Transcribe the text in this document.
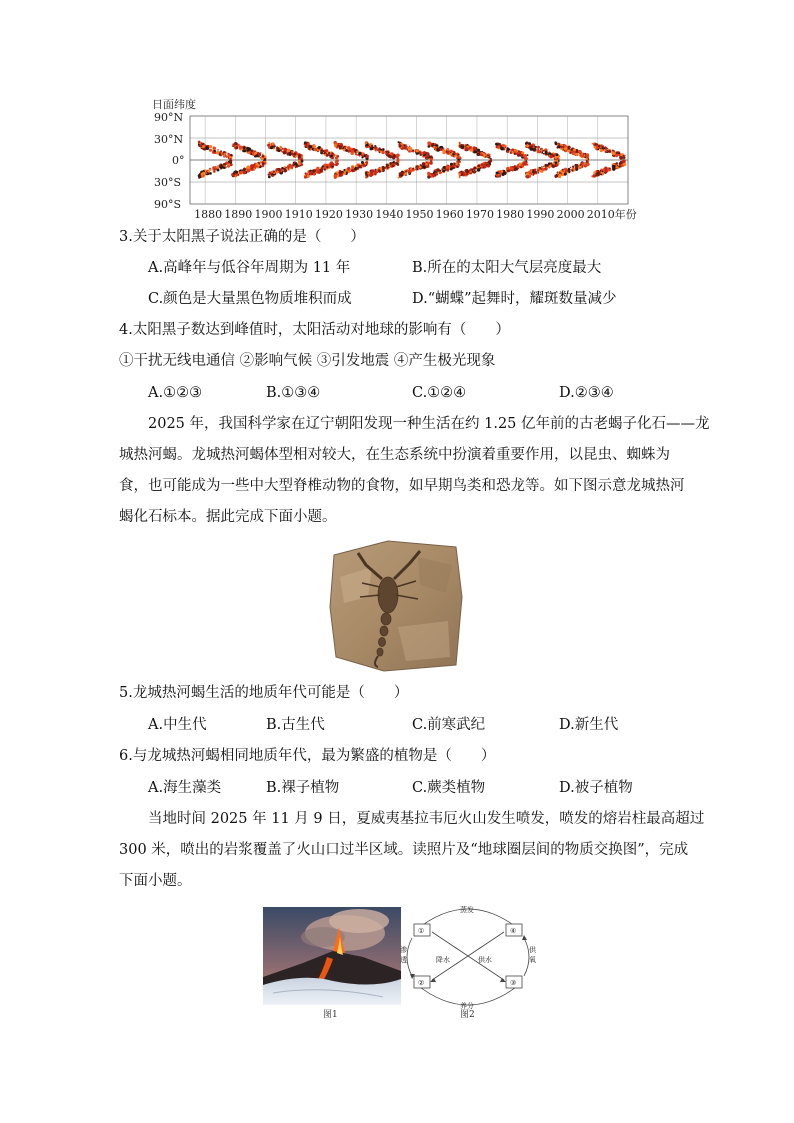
日面纬度
90°N
30°N
0°
30°S
90°S
1880 1890 1900 1910 1920 1930 1940 1950 1960 1970 1980 1990 2000 2010年份
3.关于太阳黑子说法正确的是（　　）
A.高峰年与低谷年周期为 11 年	B.所在的太阳大气层亮度最大
C.颜色是大量黑色物质堆积而成	D.“蝴蝶”起舞时，耀斑数量减少
4.太阳黑子数达到峰值时，太阳活动对地球的影响有（　　）
①干扰无线电通信 ②影响气候 ③引发地震 ④产生极光现象
A.①②③	B.①③④	C.①②④	D.②③④
2025 年，我国科学家在辽宁朝阳发现一种生活在约 1.25 亿年前的古老蝎子化石——龙
城热河蝎。龙城热河蝎体型相对较大，在生态系统中扮演着重要作用，以昆虫、蜘蛛为
食，也可能成为一些中大型脊椎动物的食物，如早期鸟类和恐龙等。如下图示意龙城热河
蝎化石标本。据此完成下面小题。
5.龙城热河蝎生活的地质年代可能是（　　）
A.中生代	B.古生代	C.前寒武纪	D.新生代
6.与龙城热河蝎相同地质年代，最为繁盛的植物是（　　）
A.海生藻类	B.裸子植物	C.蕨类植物	D.被子植物
当地时间 2025 年 11 月 9 日，夏威夷基拉韦厄火山发生喷发，喷发的熔岩柱最高超过
300 米，喷出的岩浆覆盖了火山口过半区域。读照片及“地球圈层间的物质交换图”，完成
下面小题。
图1
①	④
②	③
蒸发
养分
渗
透
供
氧
降水	供水
图2
